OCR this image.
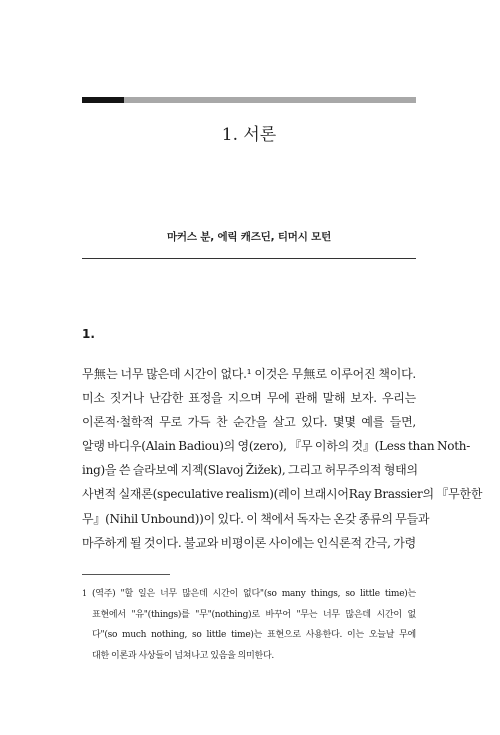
1. 서론
마커스 분, 에릭 캐즈딘, 티머시 모턴
1.
무無는 너무 많은데 시간이 없다.¹ 이것은 무無로 이루어진 책이다.
미소 짓거나 난감한 표정을 지으며 무에 관해 말해 보자. 우리는
이론적·철학적 무로 가득 찬 순간을 살고 있다. 몇몇 예를 들면,
알랭 바디우(Alain Badiou)의 영(zero), 『무 이하의 것』(Less than Noth-
ing)을 쓴 슬라보예 지젝(Slavoj Žižek), 그리고 허무주의적 형태의
사변적 실재론(speculative realism)(레이 브래시어Ray Brassier의 『무한한
무』(Nihil Unbound))이 있다. 이 책에서 독자는 온갖 종류의 무들과
마주하게 될 것이다. 불교와 비평이론 사이에는 인식론적 간극, 가령
1 (역주) "할 일은 너무 많은데 시간이 없다"(so many things, so little time)는
표현에서 "유"(things)를 "무"(nothing)로 바꾸어 "무는 너무 많은데 시간이 없
다"(so much nothing, so little time)는 표현으로 사용한다. 이는 오늘날 무에
대한 이론과 사상들이 넘쳐나고 있음을 의미한다.
